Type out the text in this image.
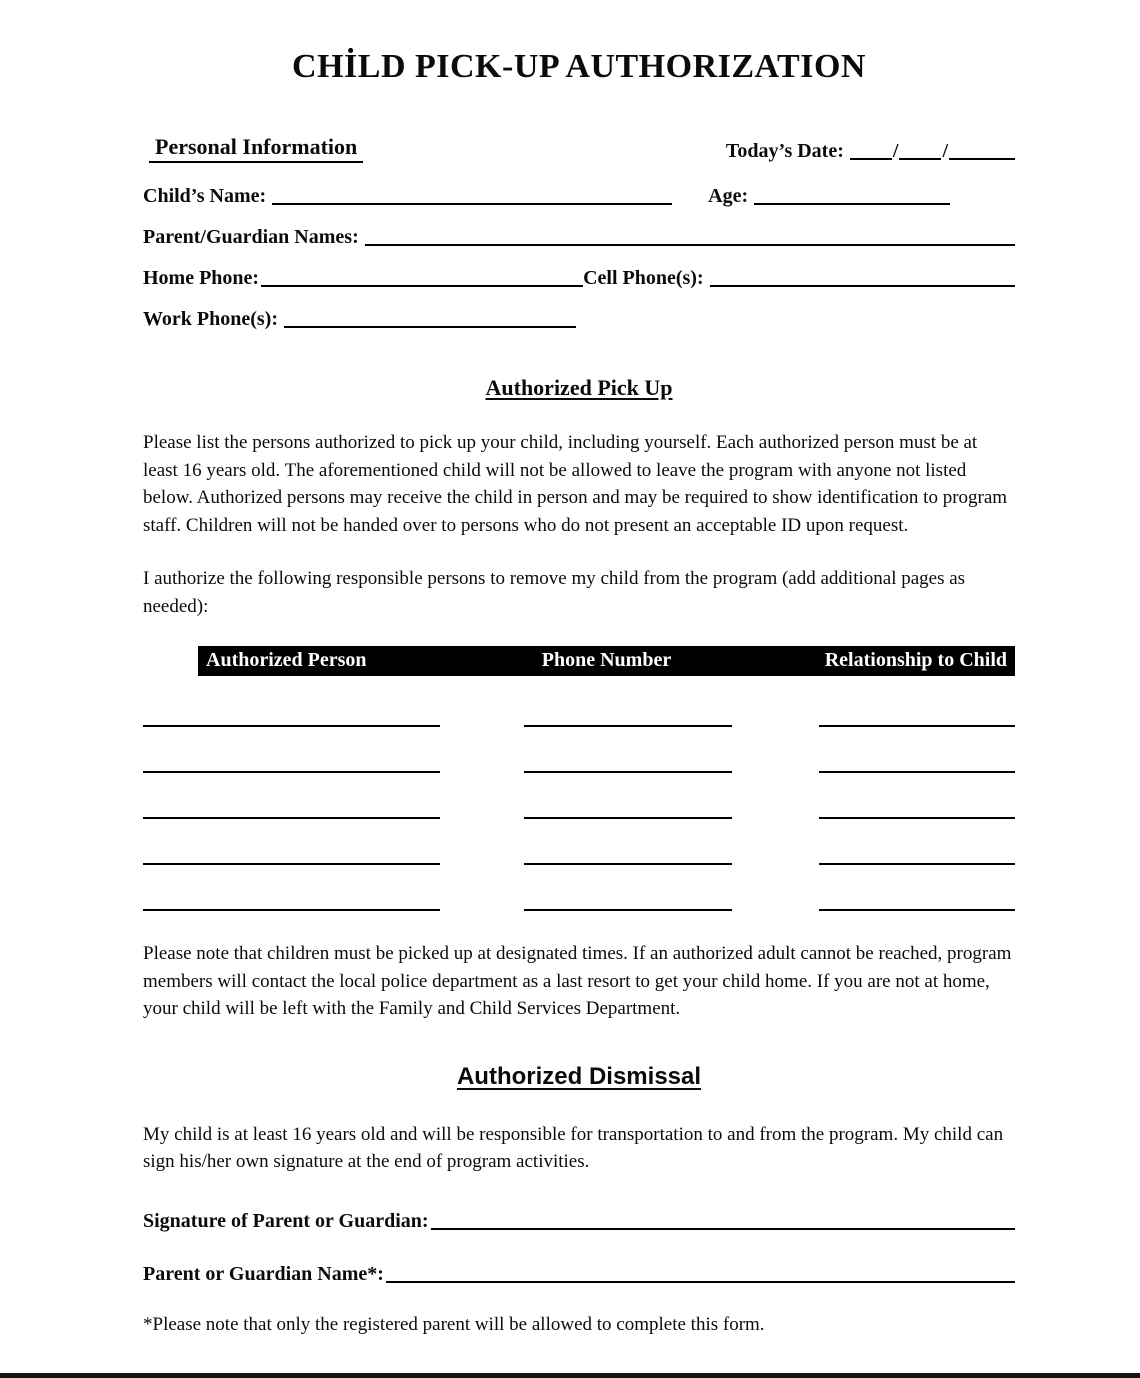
CHİLD PICK-UP AUTHORIZATION
Personal Information	Today’s Date: / /
Child’s Name:	Age:
Parent/Guardian Names:
Home Phone:	Cell Phone(s):
Work Phone(s):
Authorized Pick Up

Please list the persons authorized to pick up your child, including yourself. Each authorized person must be at least 16 years old. The aforementioned child will not be allowed to leave the program with anyone not listed below. Authorized persons may receive the child in person and may be required to show identification to program staff. Children will not be handed over to persons who do not present an acceptable ID upon request.

I authorize the following responsible persons to remove my child from the program (add additional pages as needed):

Authorized Person	Phone Number	Relationship to Child

Please note that children must be picked up at designated times. If an authorized adult cannot be reached, program members will contact the local police department as a last resort to get your child home. If you are not at home, your child will be left with the Family and Child Services Department.

Authorized Dismissal

My child is at least 16 years old and will be responsible for transportation to and from the program. My child can sign his/her own signature at the end of program activities.

Signature of Parent or Guardian:
Parent or Guardian Name*:

*Please note that only the registered parent will be allowed to complete this form.
